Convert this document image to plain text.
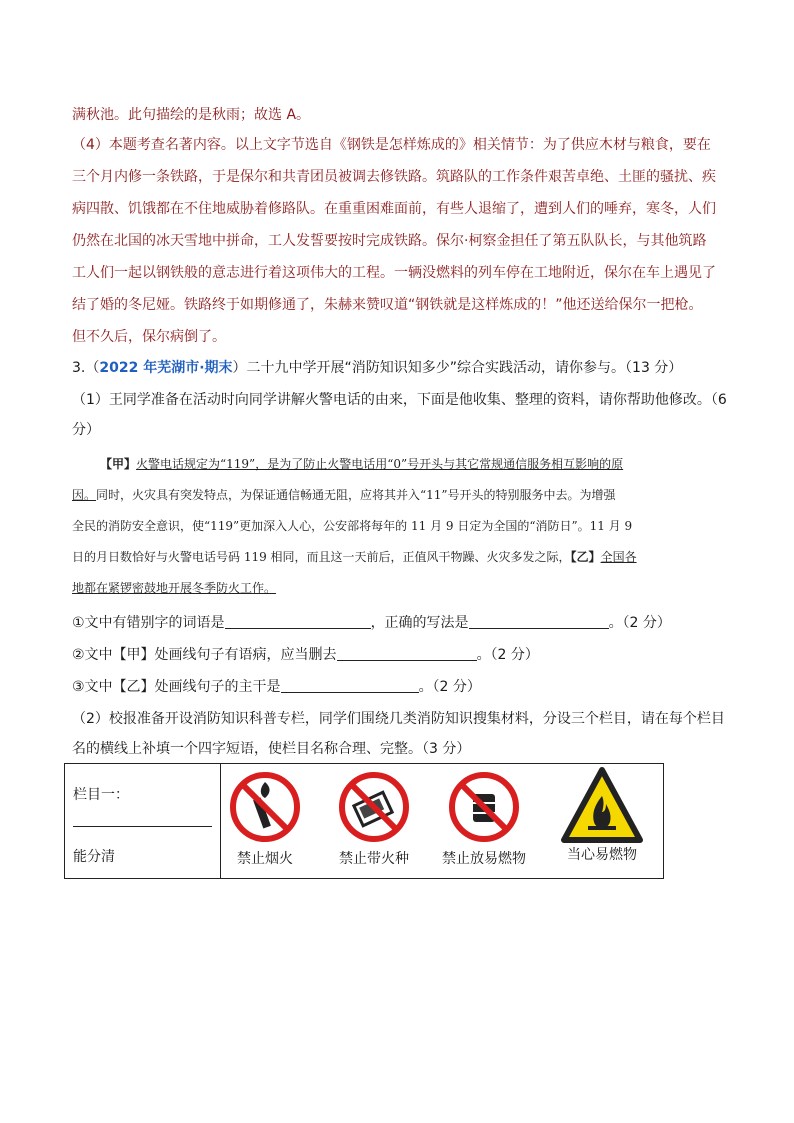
满秋池。此句描绘的是秋雨；故选 A。
（4）本题考查名著内容。以上文字节选自《钢铁是怎样炼成的》相关情节：为了供应木材与粮食，要在
三个月内修一条铁路，于是保尔和共青团员被调去修铁路。筑路队的工作条件艰苦卓绝、土匪的骚扰、疾
病四散、饥饿都在不住地威胁着修路队。在重重困难面前，有些人退缩了，遭到人们的唾弃，寒冬，人们
仍然在北国的冰天雪地中拼命，工人发誓要按时完成铁路。保尔·柯察金担任了第五队队长，与其他筑路
工人们一起以钢铁般的意志进行着这项伟大的工程。一辆没燃料的列车停在工地附近，保尔在车上遇见了
结了婚的冬尼娅。铁路终于如期修通了，朱赫来赞叹道“钢铁就是这样炼成的！”他还送给保尔一把枪。
但不久后，保尔病倒了。
3.（2022 年芜湖市·期末）二十九中学开展“消防知识知多少”综合实践活动，请你参与。（13 分）
（1）王同学准备在活动时向同学讲解火警电话的由来，下面是他收集、整理的资料，请你帮助他修改。（6
分）
【甲】火警电话规定为“119”，是为了防止火警电话用“0”号开头与其它常规通信服务相互影响的原
因。同时，火灾具有突发特点，为保证通信畅通无阻，应将其并入“11”号开头的特别服务中去。为增强
全民的消防安全意识，使“119”更加深入人心，公安部将每年的 11 月 9 日定为全国的“消防日”。11 月 9
日的月日数恰好与火警电话号码 119 相同，而且这一天前后，正值风干物躁、火灾多发之际，【乙】全国各
地都在紧锣密鼓地开展冬季防火工作。
①文中有错别字的词语是	，正确的写法是	。（2 分）
②文中【甲】处画线句子有语病，应当删去	。（2 分）
③文中【乙】处画线句子的主干是	。（2 分）
（2）校报准备开设消防知识科普专栏，同学们围绕几类消防知识搜集材料，分设三个栏目，请在每个栏目
名的横线上补填一个四字短语，使栏目名称合理、完整。（3 分）
栏目一：
能分清
		禁止烟火	禁止带火种	禁止放易燃物	当心易燃物
